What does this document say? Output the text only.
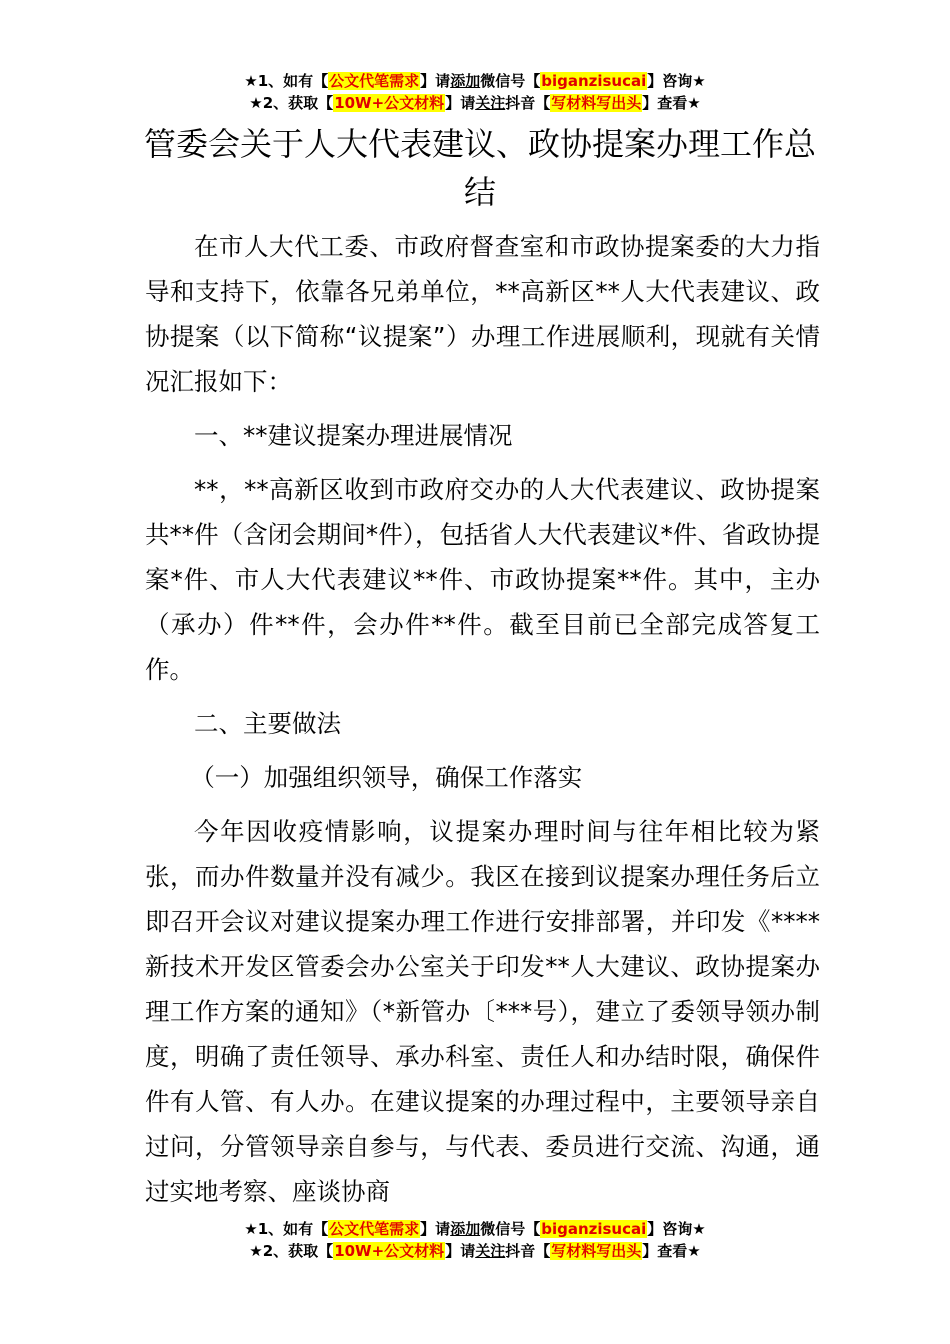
★1、如有【公文代笔需求】请添加微信号【biganzisucai】咨询★
★2、获取【10W+公文材料】请关注抖音【写材料写出头】查看★
管委会关于人大代表建议、政协提案办理工作总结

在市人大代工委、市政府督查室和市政协提案委的大力指导和支持下，依靠各兄弟单位，**高新区**人大代表建议、政协提案（以下简称“议提案”）办理工作进展顺利，现就有关情况汇报如下：

一、**建议提案办理进展情况

**，**高新区收到市政府交办的人大代表建议、政协提案共**件（含闭会期间*件），包括省人大代表建议*件、省政协提案*件、市人大代表建议**件、市政协提案**件。其中，主办（承办）件**件，会办件**件。截至目前已全部完成答复工作。

二、主要做法

（一）加强组织领导，确保工作落实

今年因收疫情影响，议提案办理时间与往年相比较为紧张，而办件数量并没有减少。我区在接到议提案办理任务后立即召开会议对建议提案办理工作进行安排部署，并印发《****新技术开发区管委会办公室关于印发**人大建议、政协提案办理工作方案的通知》（*新管办〔***号），建立了委领导领办制度，明确了责任领导、承办科室、责任人和办结时限，确保件件有人管、有人办。在建议提案的办理过程中，主要领导亲自过问，分管领导亲自参与，与代表、委员进行交流、沟通，通过实地考察、座谈协商

★1、如有【公文代笔需求】请添加微信号【biganzisucai】咨询★
★2、获取【10W+公文材料】请关注抖音【写材料写出头】查看★
